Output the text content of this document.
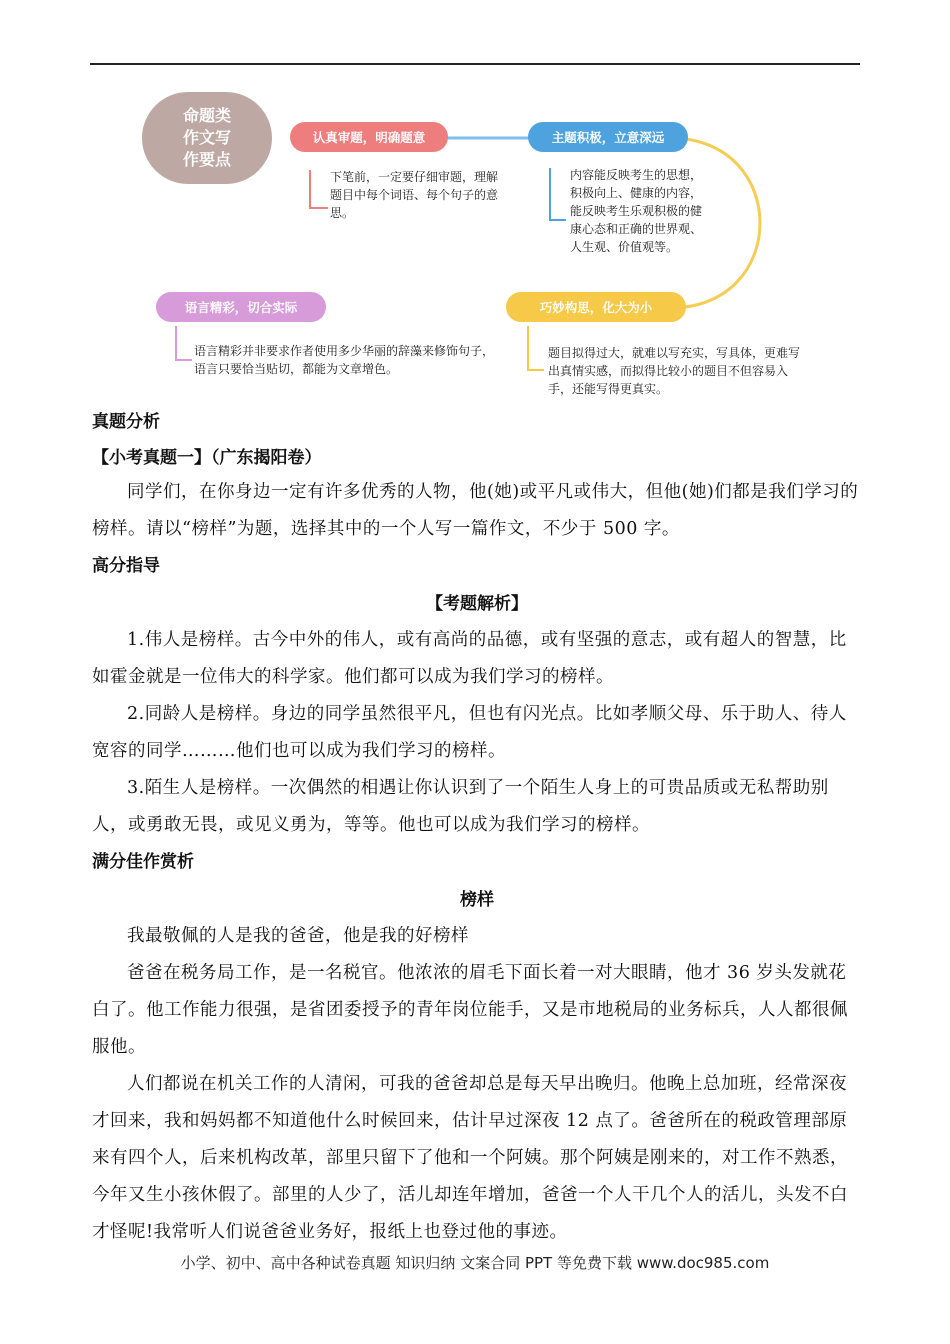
命题类
作文写
作要点
认真审题，明确题意	主题积极，立意深远
巧妙构思，化大为小
语言精彩，切合实际
下笔前，一定要仔细审题，理解题目中每个词语、每个句子的意思。
内容能反映考生的思想，积极向上、健康的内容，能反映考生乐观积极的健康心态和正确的世界观、人生观、价值观等。
题目拟得过大，就难以写充实，写具体，更难写出真情实感，而拟得比较小的题目不但容易入手，还能写得更真实。
语言精彩并非要求作者使用多少华丽的辞藻来修饰句子，语言只要恰当贴切，都能为文章增色。
真题分析
【小考真题一】（广东揭阳卷）

同学们，在你身边一定有许多优秀的人物，他(她)或平凡或伟大，但他(她)们都是我们学习的榜样。请以“榜样”为题，选择其中的一个人写一篇作文，不少于 500 字。

高分指导
【考题解析】

1.伟人是榜样。古今中外的伟人，或有高尚的品德，或有坚强的意志，或有超人的智慧，比如霍金就是一位伟大的科学家。他们都可以成为我们学习的榜样。

2.同龄人是榜样。身边的同学虽然很平凡，但也有闪光点。比如孝顺父母、乐于助人、待人宽容的同学………他们也可以成为我们学习的榜样。

3.陌生人是榜样。一次偶然的相遇让你认识到了一个陌生人身上的可贵品质或无私帮助别人，或勇敢无畏，或见义勇为，等等。他也可以成为我们学习的榜样。

满分佳作赏析
榜样

我最敬佩的人是我的爸爸，他是我的好榜样

爸爸在税务局工作，是一名税官。他浓浓的眉毛下面长着一对大眼睛，他才 36 岁头发就花白了。他工作能力很强，是省团委授予的青年岗位能手，又是市地税局的业务标兵，人人都很佩服他。

人们都说在机关工作的人清闲，可我的爸爸却总是每天早出晚归。他晚上总加班，经常深夜才回来，我和妈妈都不知道他什么时候回来，估计早过深夜 12 点了。爸爸所在的税政管理部原来有四个人，后来机构改革，部里只留下了他和一个阿姨。那个阿姨是刚来的，对工作不熟悉，今年又生小孩休假了。部里的人少了，活儿却连年增加，爸爸一个人干几个人的活儿，头发不白才怪呢!我常听人们说爸爸业务好，报纸上也登过他的事迹。

小学、初中、高中各种试卷真题 知识归纳 文案合同 PPT 等免费下载 www.doc985.com
